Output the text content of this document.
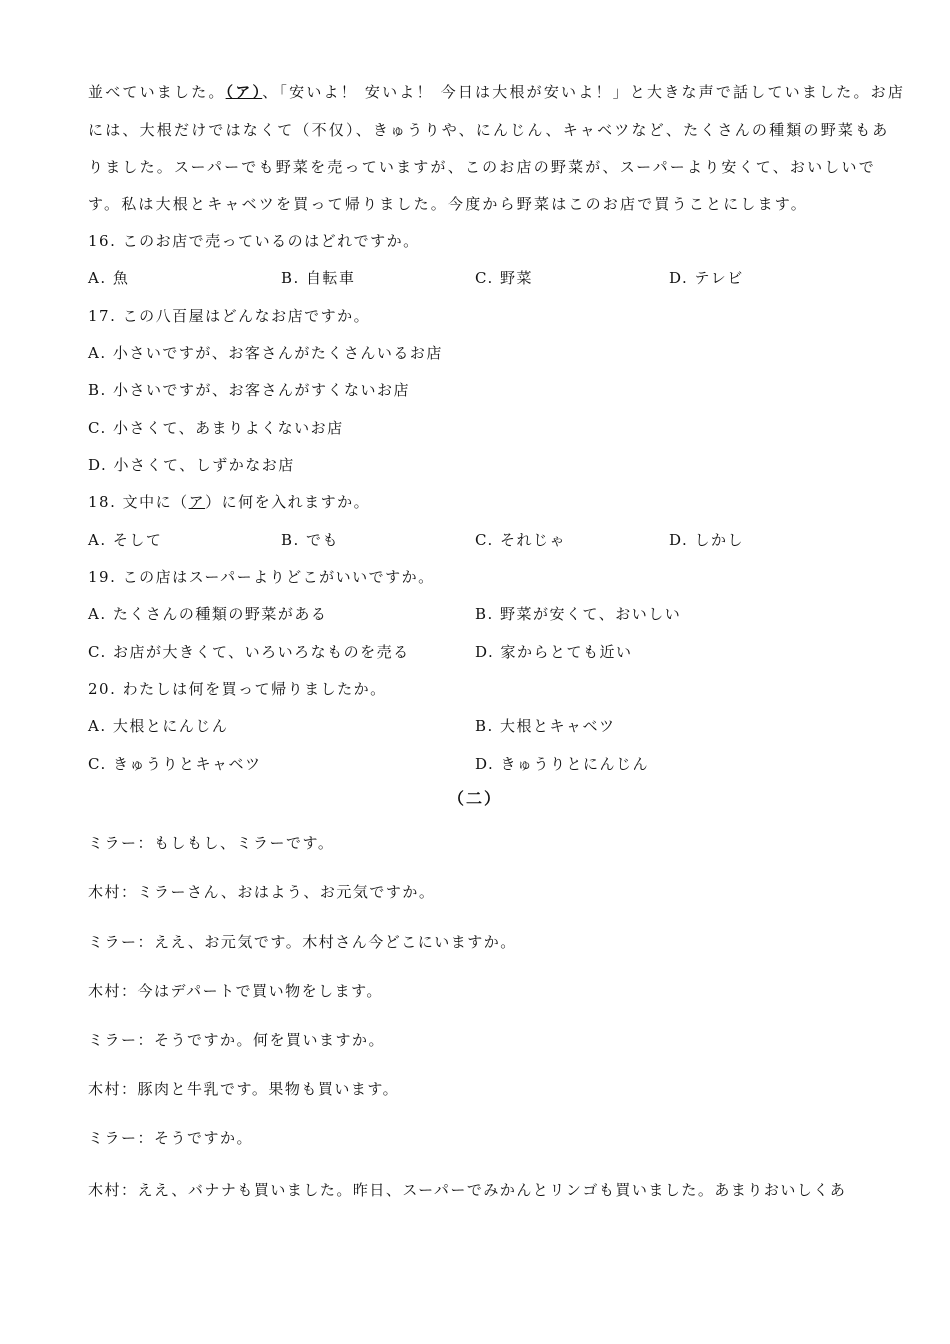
並べていました。（ア）、「安いよ！ 安いよ！ 今日は大根が安いよ！」と大きな声で話していました。お店
には、大根だけではなくて（不仅）、きゅうりや、にんじん、キャベツなど、たくさんの種類の野菜もあ
りました。スーパーでも野菜を売っていますが、このお店の野菜が、スーパーより安くて、おいしいで
す。私は大根とキャベツを買って帰りました。今度から野菜はこのお店で買うことにします。
16. このお店で売っているのはどれですか。
A. 魚	B. 自転車	C. 野菜	D. テレビ
17. この八百屋はどんなお店ですか。
A. 小さいですが、お客さんがたくさんいるお店
B. 小さいですが、お客さんがすくないお店
C. 小さくて、あまりよくないお店
D. 小さくて、しずかなお店
18. 文中に（ア）に何を入れますか。
A. そして	B. でも	C. それじゃ	D. しかし
19. この店はスーパーよりどこがいいですか。
A. たくさんの種類の野菜がある	B. 野菜が安くて、おいしい
C. お店が大きくて、いろいろなものを売る	D. 家からとても近い
20. わたしは何を買って帰りましたか。
A. 大根とにんじん	B. 大根とキャベツ
C. きゅうりとキャベツ	D. きゅうりとにんじん
（二）
ミラー：もしもし、ミラーです。
木村：ミラーさん、おはよう、お元気ですか。
ミラー：ええ、お元気です。木村さん今どこにいますか。
木村：今はデパートで買い物をします。
ミラー：そうですか。何を買いますか。
木村：豚肉と牛乳です。果物も買います。
ミラー：そうですか。
木村：ええ、バナナも買いました。昨日、スーパーでみかんとリンゴも買いました。あまりおいしくあ
